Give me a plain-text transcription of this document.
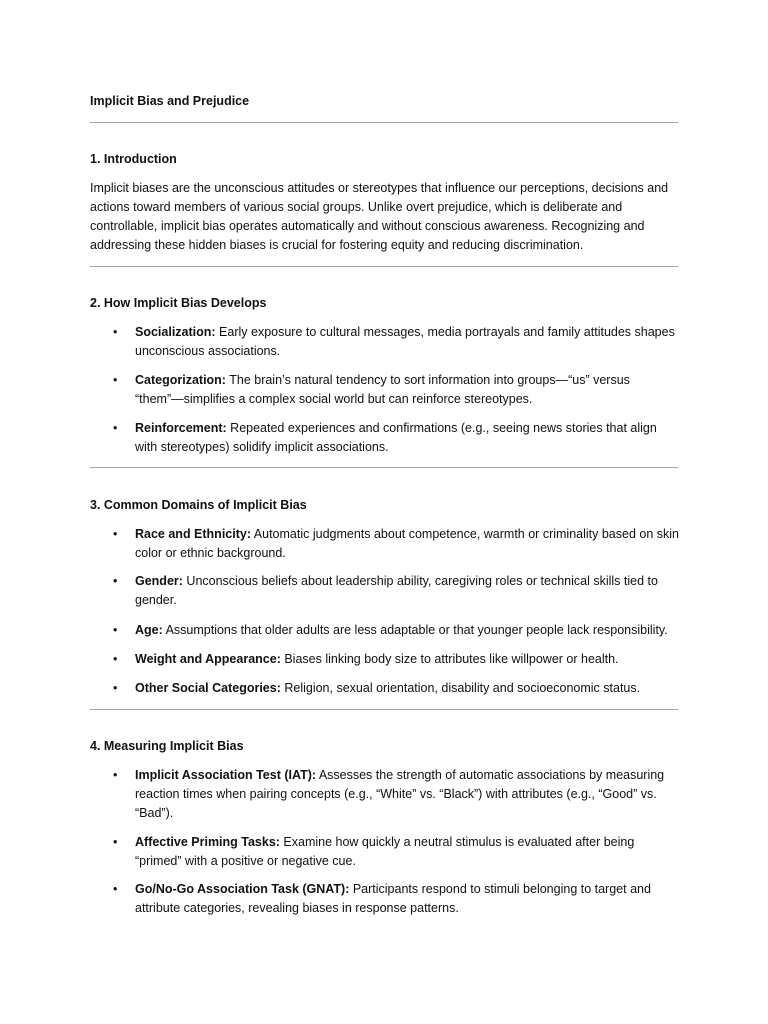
Implicit Bias and Prejudice
1. Introduction
Implicit biases are the unconscious attitudes or stereotypes that influence our perceptions, decisions and actions toward members of various social groups. Unlike overt prejudice, which is deliberate and controllable, implicit bias operates automatically and without conscious awareness. Recognizing and addressing these hidden biases is crucial for fostering equity and reducing discrimination.
2. How Implicit Bias Develops
• Socialization: Early exposure to cultural messages, media portrayals and family attitudes shapes unconscious associations.
• Categorization: The brain’s natural tendency to sort information into groups—“us” versus “them”—simplifies a complex social world but can reinforce stereotypes.
• Reinforcement: Repeated experiences and confirmations (e.g., seeing news stories that align with stereotypes) solidify implicit associations.
3. Common Domains of Implicit Bias
• Race and Ethnicity: Automatic judgments about competence, warmth or criminality based on skin color or ethnic background.
• Gender: Unconscious beliefs about leadership ability, caregiving roles or technical skills tied to gender.
• Age: Assumptions that older adults are less adaptable or that younger people lack responsibility.
• Weight and Appearance: Biases linking body size to attributes like willpower or health.
• Other Social Categories: Religion, sexual orientation, disability and socioeconomic status.
4. Measuring Implicit Bias
• Implicit Association Test (IAT): Assesses the strength of automatic associations by measuring reaction times when pairing concepts (e.g., “White” vs. “Black”) with attributes (e.g., “Good” vs. “Bad”).
• Affective Priming Tasks: Examine how quickly a neutral stimulus is evaluated after being “primed” with a positive or negative cue.
• Go/No-Go Association Task (GNAT): Participants respond to stimuli belonging to target and attribute categories, revealing biases in response patterns.
